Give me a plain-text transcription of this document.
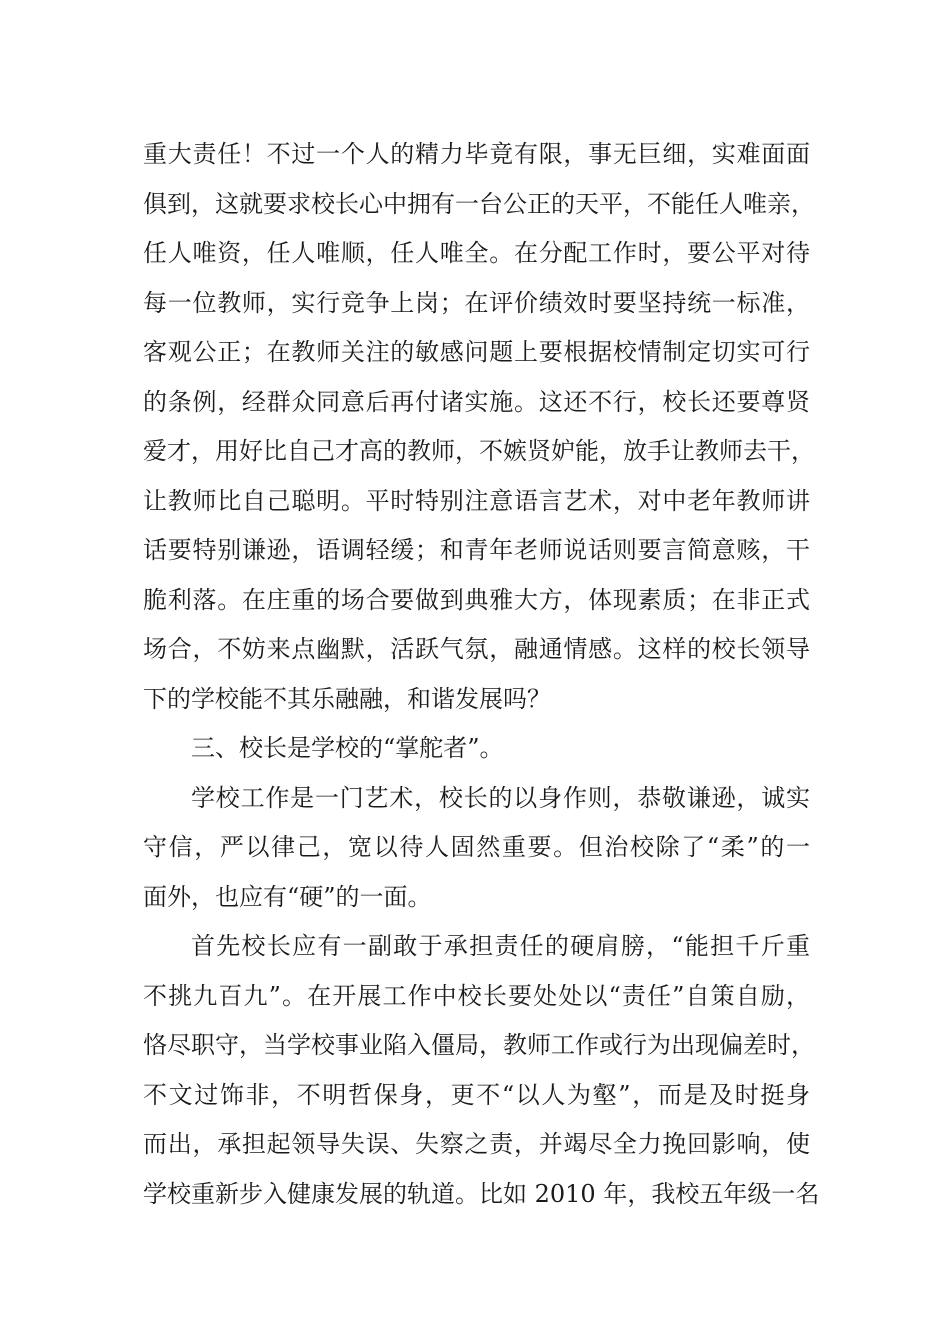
重大责任！不过一个人的精力毕竟有限，事无巨细，实难面面
俱到，这就要求校长心中拥有一台公正的天平，不能任人唯亲，
任人唯资，任人唯顺，任人唯全。在分配工作时，要公平对待
每一位教师，实行竞争上岗；在评价绩效时要坚持统一标准，
客观公正；在教师关注的敏感问题上要根据校情制定切实可行
的条例，经群众同意后再付诸实施。这还不行，校长还要尊贤
爱才，用好比自己才高的教师，不嫉贤妒能，放手让教师去干，
让教师比自己聪明。平时特别注意语言艺术，对中老年教师讲
话要特别谦逊，语调轻缓；和青年老师说话则要言简意赅，干
脆利落。在庄重的场合要做到典雅大方，体现素质；在非正式
场合，不妨来点幽默，活跃气氛，融通情感。这样的校长领导
下的学校能不其乐融融，和谐发展吗？
三、校长是学校的“掌舵者”。
学校工作是一门艺术，校长的以身作则，恭敬谦逊，诚实
守信，严以律己，宽以待人固然重要。但治校除了“柔”的一
面外，也应有“硬”的一面。
首先校长应有一副敢于承担责任的硬肩膀，“能担千斤重
不挑九百九”。在开展工作中校长要处处以“责任”自策自励，
恪尽职守，当学校事业陷入僵局，教师工作或行为出现偏差时，
不文过饰非，不明哲保身，更不“以人为壑”，而是及时挺身
而出，承担起领导失误、失察之责，并竭尽全力挽回影响，使
学校重新步入健康发展的轨道。比如 2010 年，我校五年级一名
